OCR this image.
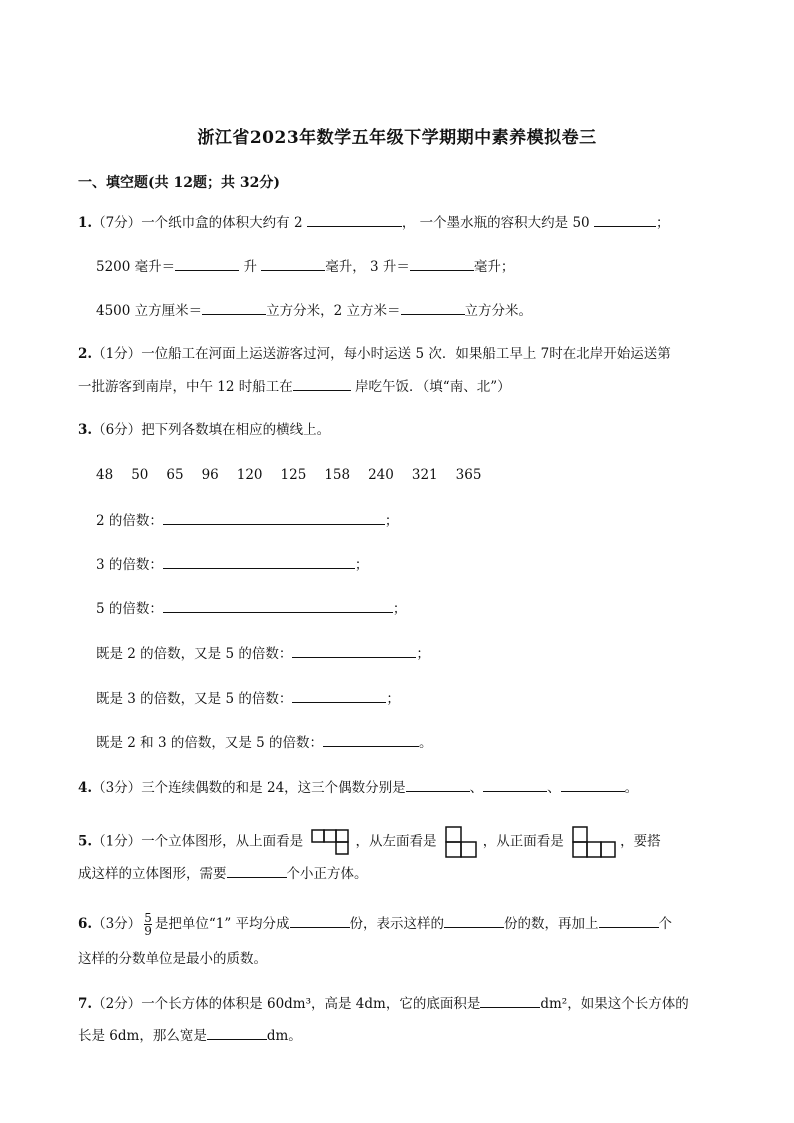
浙江省2023年数学五年级下学期期中素养模拟卷三
一、填空题(共 12题；共 32分)
1.（7分）一个纸巾盒的体积大约有 2	， 一个墨水瓶的容积大约是 50	；
5200 毫升＝	升	毫升， 3 升＝	毫升；
4500 立方厘米＝	立方分米，2 立方米＝	立方分米。
2.（1分）一位船工在河面上运送游客过河，每小时运送 5 次．如果船工早上 7时在北岸开始运送第
一批游客到南岸，中午 12 时船工在	岸吃午饭．（填“南、北”）
3.（6分）把下列各数填在相应的横线上。
48 50 65 96 120 125 158 240 321 365
2 的倍数：	；
3 的倍数：	；
5 的倍数：	；
既是 2 的倍数，又是 5 的倍数：	；
既是 3 的倍数，又是 5 的倍数：	；
既是 2 和 3 的倍数，又是 5 的倍数：	。
4.（3分）三个连续偶数的和是 24，这三个偶数分别是	、	、	。
5.（1分）一个立体图形，从上面看是	，从左面看是	，从正面看是	，要搭
成这样的立体图形，需要	个小正方体。
6.（3分） $\frac{5}{9}$ 是把单位“1” 平均分成	份，表示这样的	份的数，再加上	个
这样的分数单位是最小的质数。
7.（2分）一个长方体的体积是 60dm³，高是 4dm，它的底面积是	dm²，如果这个长方体的
长是 6dm，那么宽是	dm。
